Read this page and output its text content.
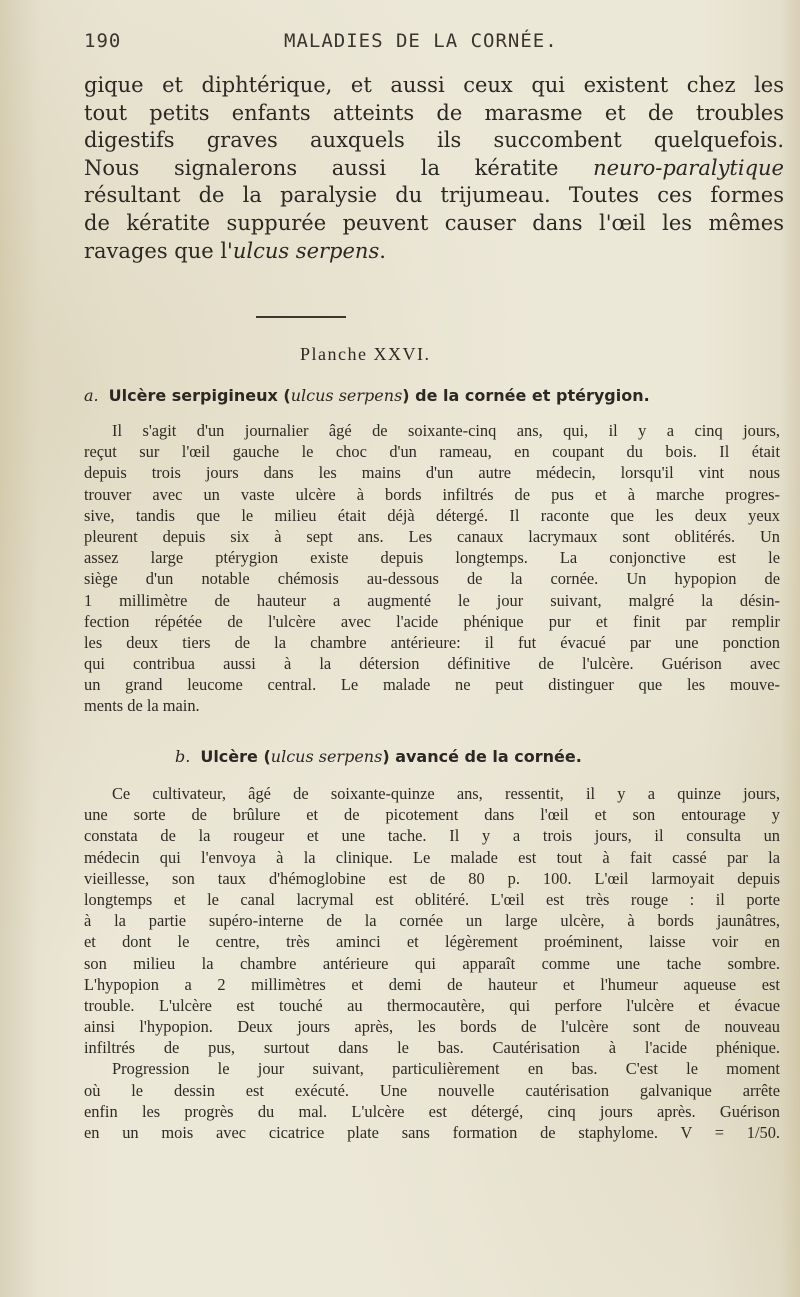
190	MALADIES DE LA CORNÉE.
gique et diphtérique, et aussi ceux qui existent chez les
tout petits enfants atteints de marasme et de troubles
digestifs graves auxquels ils succombent quelquefois.
Nous signalerons aussi la kératite neuro-paralytique
résultant de la paralysie du trijumeau. Toutes ces formes
de kératite suppurée peuvent causer dans l'œil les mêmes
ravages que l'ulcus serpens.
Planche XXVI.
a. Ulcère serpigineux (ulcus serpens) de la cornée et ptérygion.
Il s'agit d'un journalier âgé de soixante-cinq ans, qui, il y a cinq jours,
reçut sur l'œil gauche le choc d'un rameau, en coupant du bois. Il était
depuis trois jours dans les mains d'un autre médecin, lorsqu'il vint nous
trouver avec un vaste ulcère à bords infiltrés de pus et à marche progres-
sive, tandis que le milieu était déjà détergé. Il raconte que les deux yeux
pleurent depuis six à sept ans. Les canaux lacrymaux sont oblitérés. Un
assez large ptérygion existe depuis longtemps. La conjonctive est le
siège d'un notable chémosis au-dessous de la cornée. Un hypopion de
1 millimètre de hauteur a augmenté le jour suivant, malgré la désin-
fection répétée de l'ulcère avec l'acide phénique pur et finit par remplir
les deux tiers de la chambre antérieure: il fut évacué par une ponction
qui contribua aussi à la détersion définitive de l'ulcère. Guérison avec
un grand leucome central. Le malade ne peut distinguer que les mouve-
ments de la main.
b. Ulcère (ulcus serpens) avancé de la cornée.
Ce cultivateur, âgé de soixante-quinze ans, ressentit, il y a quinze jours,
une sorte de brûlure et de picotement dans l'œil et son entourage y
constata de la rougeur et une tache. Il y a trois jours, il consulta un
médecin qui l'envoya à la clinique. Le malade est tout à fait cassé par la
vieillesse, son taux d'hémoglobine est de 80 p. 100. L'œil larmoyait depuis
longtemps et le canal lacrymal est oblitéré. L'œil est très rouge : il porte
à la partie supéro-interne de la cornée un large ulcère, à bords jaunâtres,
et dont le centre, très aminci et légèrement proéminent, laisse voir en
son milieu la chambre antérieure qui apparaît comme une tache sombre.
L'hypopion a 2 millimètres et demi de hauteur et l'humeur aqueuse est
trouble. L'ulcère est touché au thermocautère, qui perfore l'ulcère et évacue
ainsi l'hypopion. Deux jours après, les bords de l'ulcère sont de nouveau
infiltrés de pus, surtout dans le bas. Cautérisation à l'acide phénique.
Progression le jour suivant, particulièrement en bas. C'est le moment
où le dessin est exécuté. Une nouvelle cautérisation galvanique arrête
enfin les progrès du mal. L'ulcère est détergé, cinq jours après. Guérison
en un mois avec cicatrice plate sans formation de staphylome. V = 1/50.
